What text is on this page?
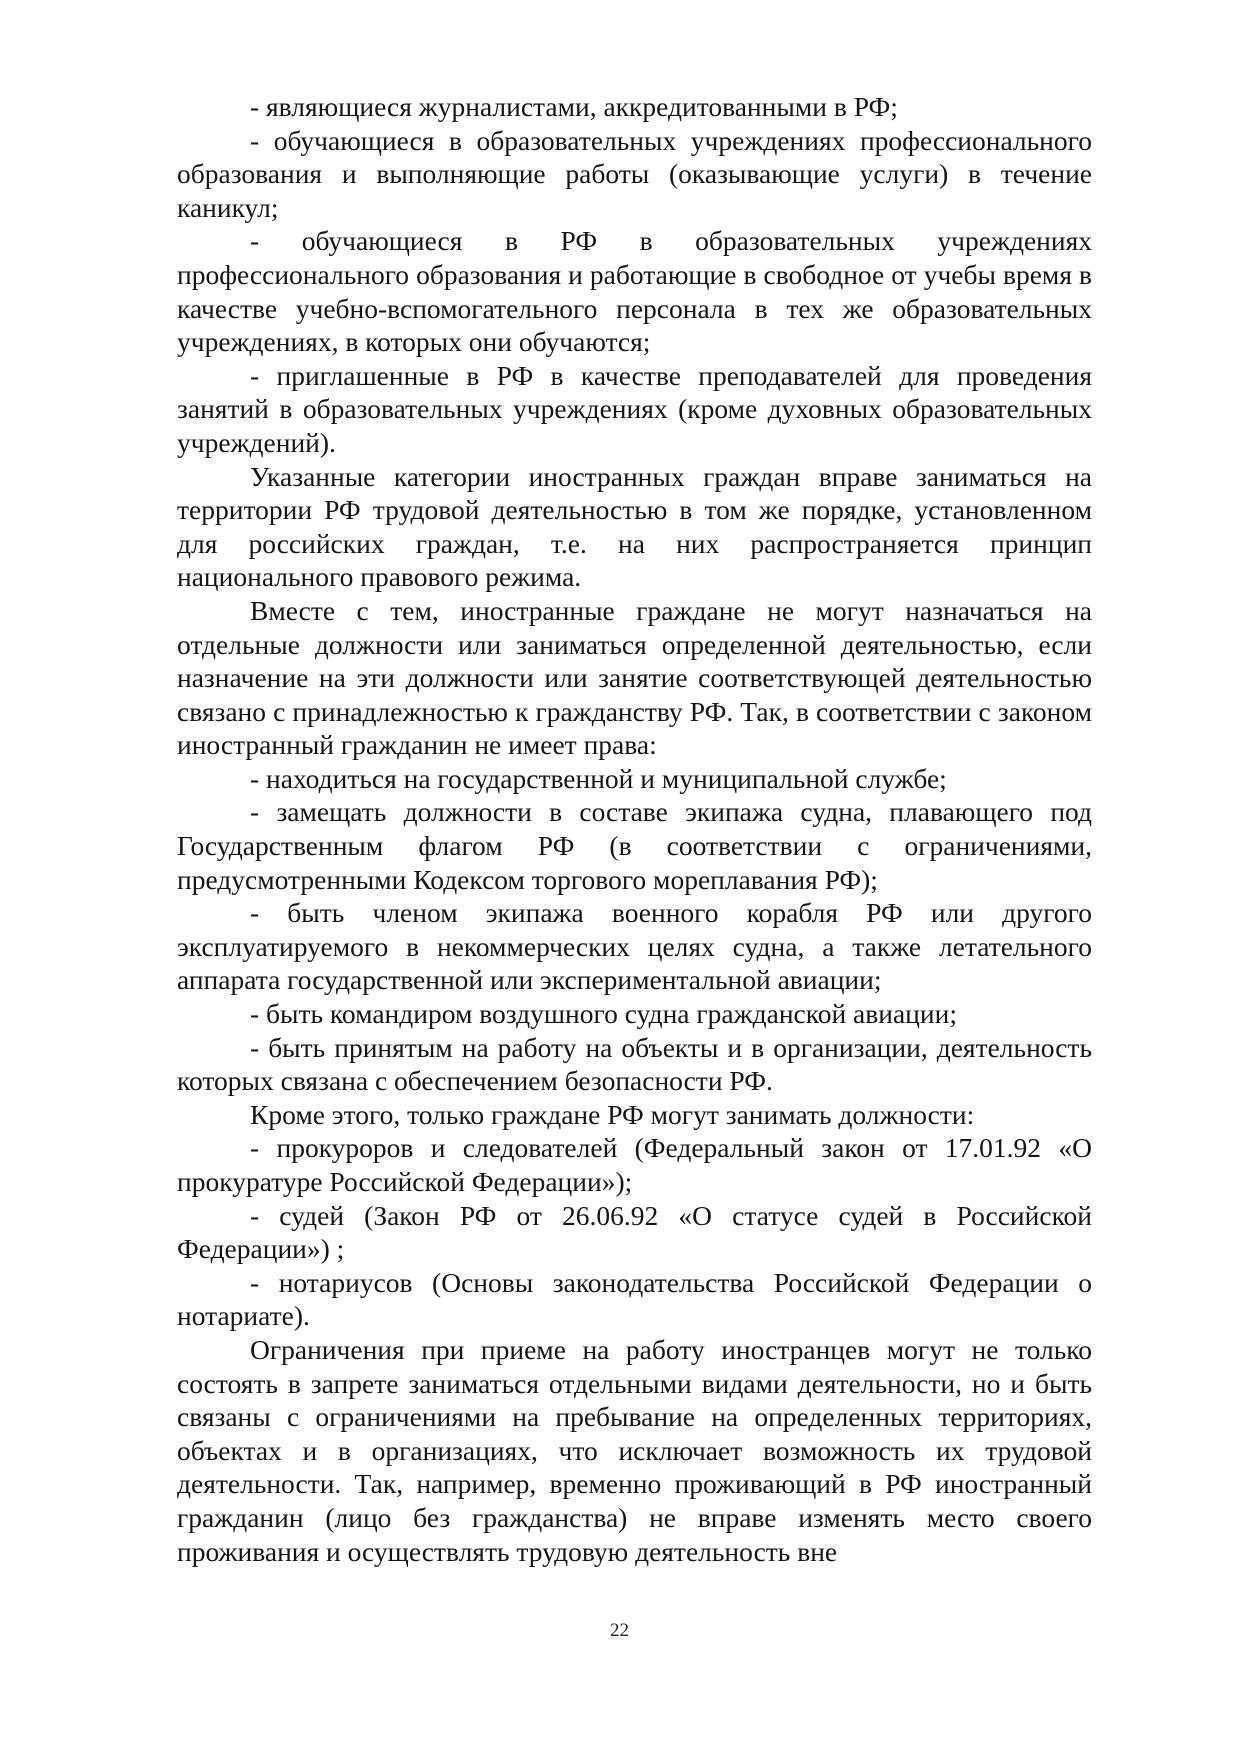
- являющиеся журналистами, аккредитованными в РФ;

- обучающиеся в образовательных учреждениях профессионального образования и выполняющие работы (оказывающие услуги) в течение каникул;

- обучающиеся в РФ в образовательных учреждениях профессионального образования и работающие в свободное от учебы время в качестве учебно-вспомогательного персонала в тех же образовательных учреждениях, в которых они обучаются;

- приглашенные в РФ в качестве преподавателей для проведения занятий в образовательных учреждениях (кроме духовных образовательных учреждений).

Указанные категории иностранных граждан вправе заниматься на территории РФ трудовой деятельностью в том же порядке, установленном для российских граждан, т.е. на них распространяется принцип национального правового режима.

Вместе с тем, иностранные граждане не могут назначаться на отдельные должности или заниматься определенной деятельностью, если назначение на эти должности или занятие соответствующей деятельностью связано с принадлежностью к гражданству РФ. Так, в соответствии с законом иностранный гражданин не имеет права:

- находиться на государственной и муниципальной службе;

- замещать должности в составе экипажа судна, плавающего под Государственным флагом РФ (в соответствии с ограничениями, предусмотренными Кодексом торгового мореплавания РФ);

- быть членом экипажа военного корабля РФ или другого эксплуатируемого в некоммерческих целях судна, а также летательного аппарата государственной или экспериментальной авиации;

- быть командиром воздушного судна гражданской авиации;

- быть принятым на работу на объекты и в организации, деятельность которых связана с обеспечением безопасности РФ.

Кроме этого, только граждане РФ могут занимать должности:

- прокуроров и следователей (Федеральный закон от 17.01.92 «О прокуратуре Российской Федерации»);

- судей (Закон РФ от 26.06.92 «О статусе судей в Российской Федерации») ;

- нотариусов (Основы законодательства Российской Федерации о нотариате).

Ограничения при приеме на работу иностранцев могут не только состоять в запрете заниматься отдельными видами деятельности, но и быть связаны с ограничениями на пребывание на определенных территориях, объектах и в организациях, что исключает возможность их трудовой деятельности. Так, например, временно проживающий в РФ иностранный гражданин (лицо без гражданства) не вправе изменять место своего проживания и осуществлять трудовую деятельность вне

22
